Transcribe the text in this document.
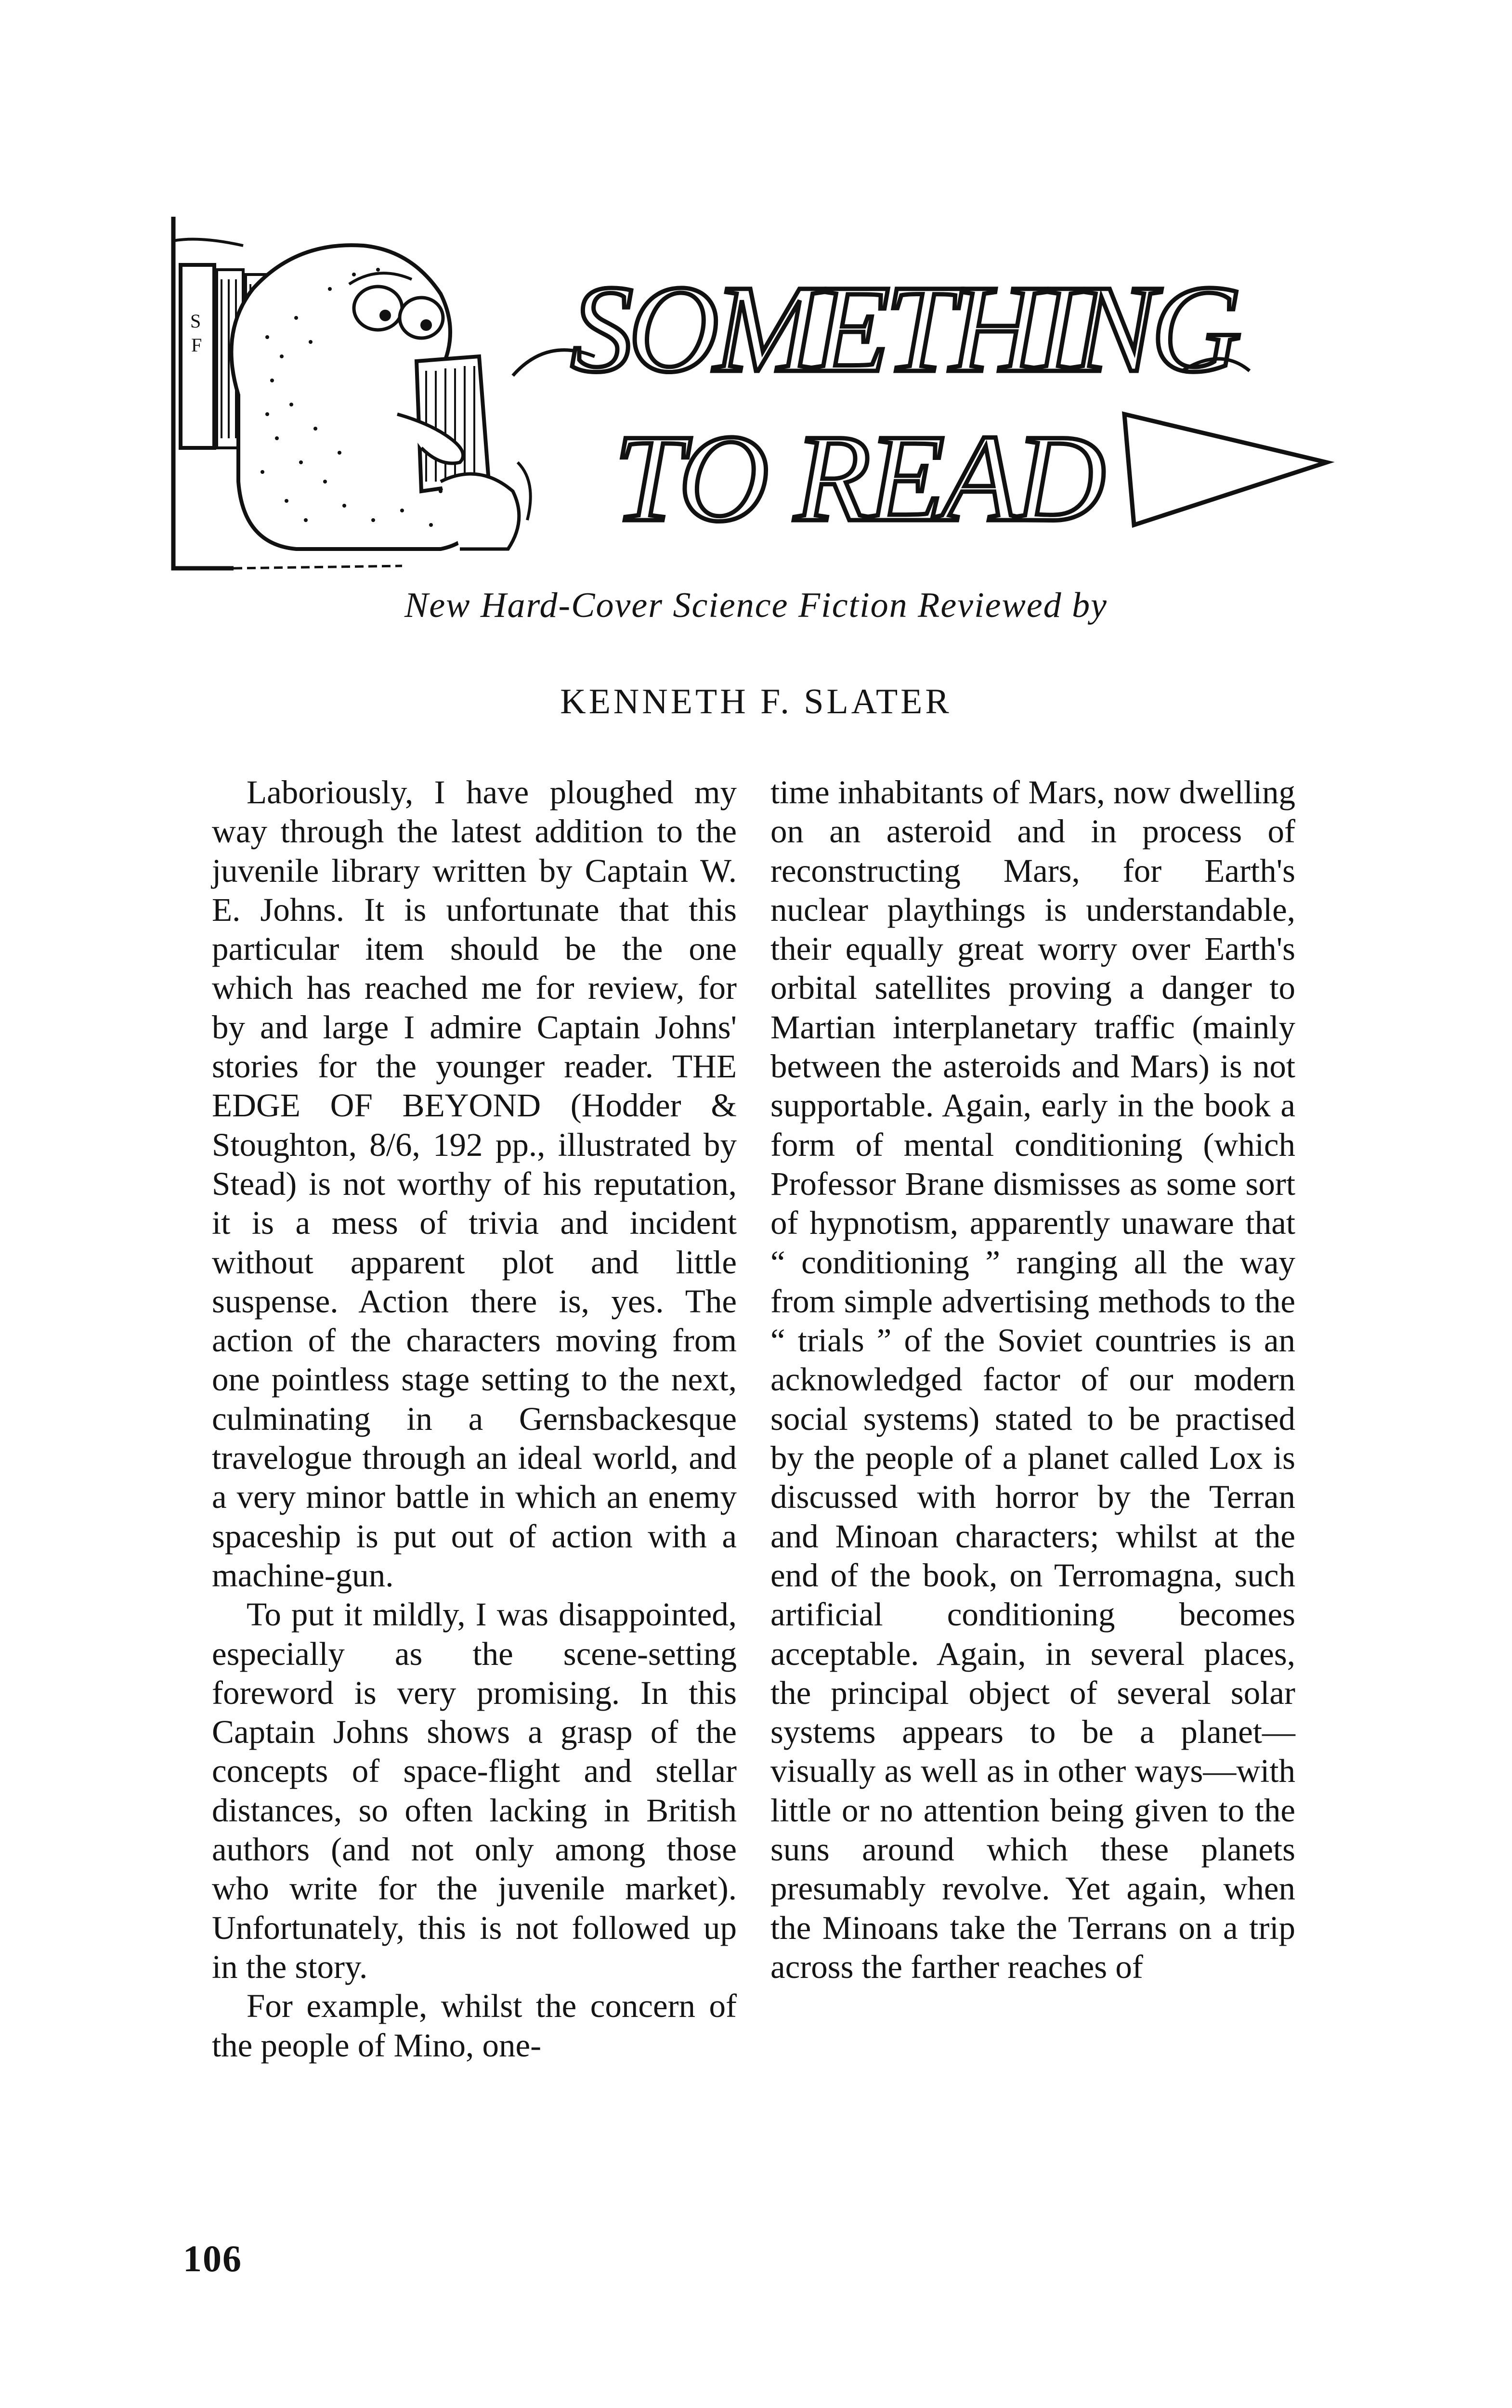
S
F	SOMETHING
TO READ
New Hard-Cover Science Fiction Reviewed by
KENNETH F. SLATER

Laboriously, I have ploughed my way through the latest addition to the juvenile library written by Captain W. E. Johns. It is unfortunate that this particular item should be the one which has reached me for review, for by and large I admire Captain Johns' stories for the younger reader. THE EDGE OF BEYOND (Hodder & Stoughton, 8/6, 192 pp., illustrated by Stead) is not worthy of his reputation, it is a mess of trivia and incident without apparent plot and little suspense. Action there is, yes. The action of the characters moving from one pointless stage setting to the next, culminating in a Gernsbackesque travelogue through an ideal world, and a very minor battle in which an enemy spaceship is put out of action with a machine-gun.

To put it mildly, I was disappointed, especially as the scene-setting foreword is very promising. In this Captain Johns shows a grasp of the concepts of space-flight and stellar distances, so often lacking in British authors (and not only among those who write for the juvenile market). Unfortunately, this is not followed up in the story.

For example, whilst the concern of the people of Mino, one-

time inhabitants of Mars, now dwelling on an asteroid and in process of reconstructing Mars, for Earth's nuclear playthings is understandable, their equally great worry over Earth's orbital satellites proving a danger to Martian interplanetary traffic (mainly between the asteroids and Mars) is not supportable. Again, early in the book a form of mental conditioning (which Professor Brane dismisses as some sort of hypnotism, apparently unaware that “ conditioning ” ranging all the way from simple advertising methods to the “ trials ” of the Soviet countries is an acknowledged factor of our modern social systems) stated to be practised by the people of a planet called Lox is discussed with horror by the Terran and Minoan characters; whilst at the end of the book, on Terromagna, such artificial conditioning becomes acceptable. Again, in several places, the principal object of several solar systems appears to be a planet—visually as well as in other ways—with little or no attention being given to the suns around which these planets presumably revolve. Yet again, when the Minoans take the Terrans on a trip across the farther reaches of

106
